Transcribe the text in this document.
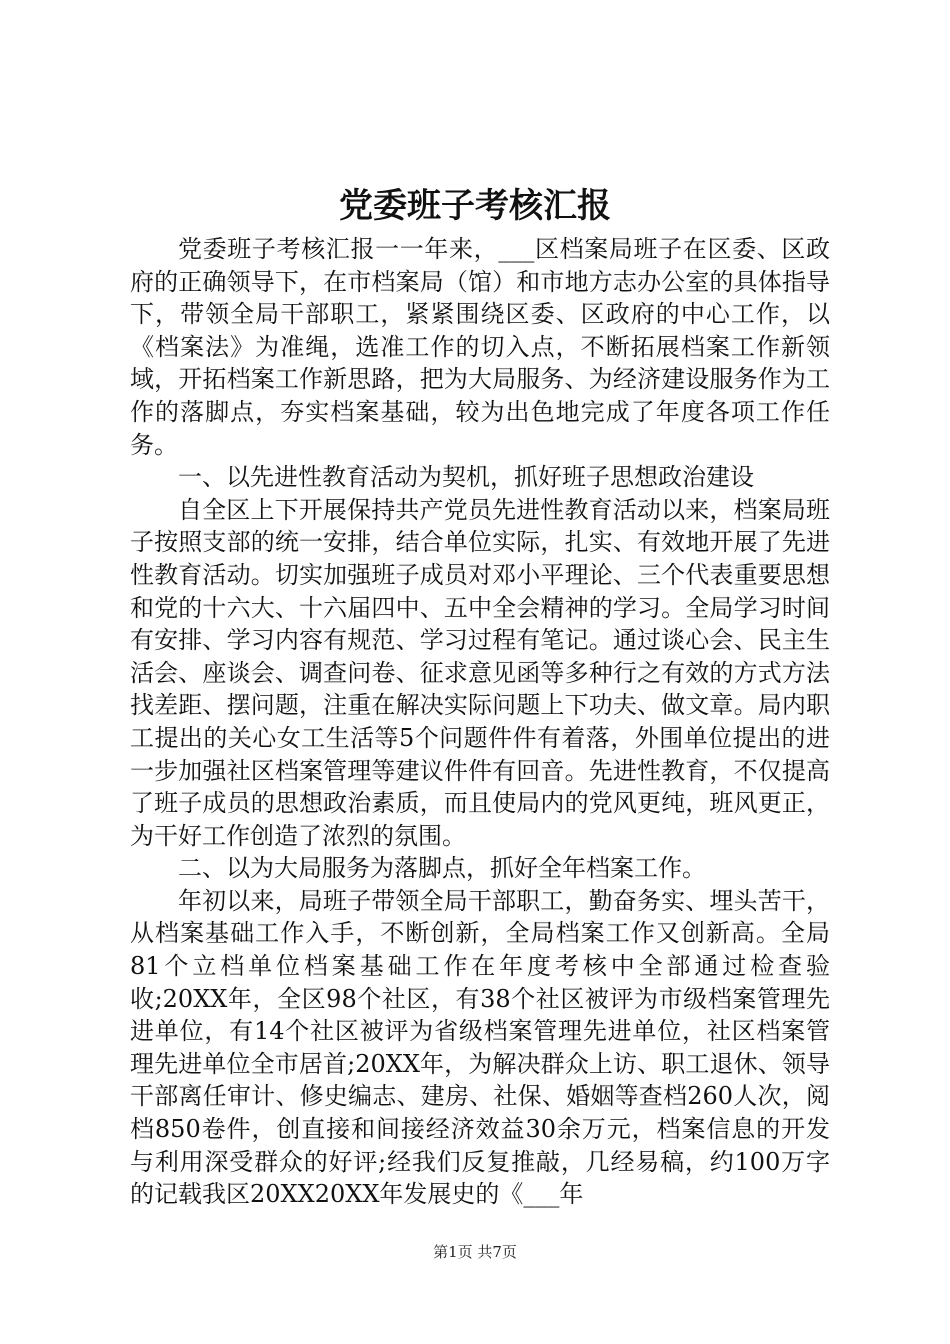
党委班子考核汇报

党委班子考核汇报一一年来，___区档案局班子在区委、区政府的正确领导下，在市档案局（馆）和市地方志办公室的具体指导下，带领全局干部职工，紧紧围绕区委、区政府的中心工作，以《档案法》为准绳，选准工作的切入点，不断拓展档案工作新领域，开拓档案工作新思路，把为大局服务、为经济建设服务作为工作的落脚点，夯实档案基础，较为出色地完成了年度各项工作任务。

一、以先进性教育活动为契机，抓好班子思想政治建设

自全区上下开展保持共产党员先进性教育活动以来，档案局班子按照支部的统一安排，结合单位实际，扎实、有效地开展了先进性教育活动。切实加强班子成员对邓小平理论、三个代表重要思想和党的十六大、十六届四中、五中全会精神的学习。全局学习时间有安排、学习内容有规范、学习过程有笔记。通过谈心会、民主生活会、座谈会、调查问卷、征求意见函等多种行之有效的方式方法找差距、摆问题，注重在解决实际问题上下功夫、做文章。局内职工提出的关心女工生活等5个问题件件有着落，外围单位提出的进一步加强社区档案管理等建议件件有回音。先进性教育，不仅提高了班子成员的思想政治素质，而且使局内的党风更纯，班风更正，为干好工作创造了浓烈的氛围。

二、以为大局服务为落脚点，抓好全年档案工作。

年初以来，局班子带领全局干部职工，勤奋务实、埋头苦干，从档案基础工作入手，不断创新，全局档案工作又创新高。全局81个立档单位档案基础工作在年度考核中全部通过检查验收;20XX年，全区98个社区，有38个社区被评为市级档案管理先进单位，有14个社区被评为省级档案管理先进单位，社区档案管理先进单位全市居首;20XX年，为解决群众上访、职工退休、领导干部离任审计、修史编志、建房、社保、婚姻等查档260人次，阅档850卷件，创直接和间接经济效益30余万元，档案信息的开发与利用深受群众的好评;经我们反复推敲，几经易稿，约100万字的记载我区20XX20XX年发展史的《___年

第1页 共7页
